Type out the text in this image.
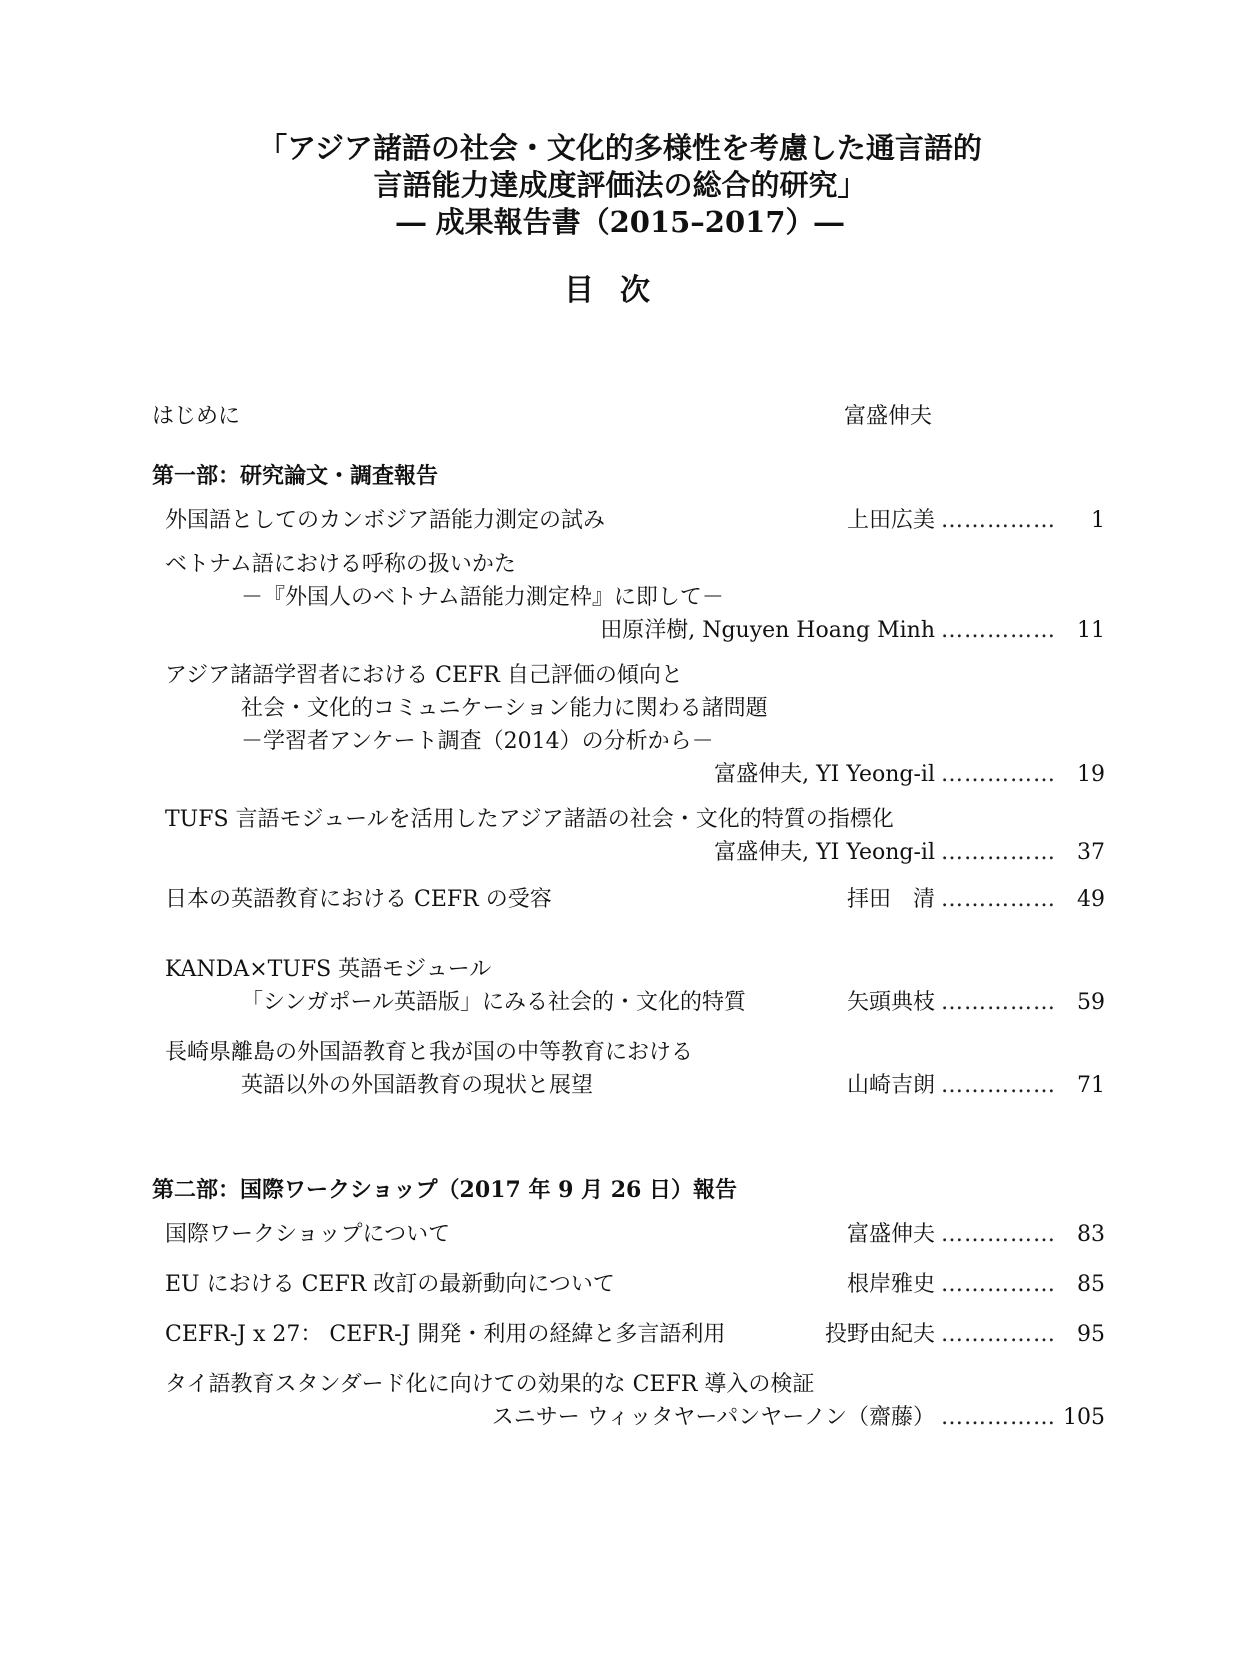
「アジア諸語の社会・文化的多様性を考慮した通言語的
言語能力達成度評価法の総合的研究」
― 成果報告書（2015–2017）―
目次
はじめに	富盛伸夫
第一部：研究論文・調査報告
外国語としてのカンボジア語能力測定の試み	上田広美 ……………	1
ベトナム語における呼称の扱いかた
－『外国人のベトナム語能力測定枠』に即して－
田原洋樹, Nguyen Hoang Minh …………… 11
アジア諸語学習者における CEFR 自己評価の傾向と
社会・文化的コミュニケーション能力に関わる諸問題
－学習者アンケート調査（2014）の分析から－
富盛伸夫, YI Yeong-il …………… 19
TUFS 言語モジュールを活用したアジア諸語の社会・文化的特質の指標化
富盛伸夫, YI Yeong-il …………… 37
日本の英語教育における CEFR の受容	拝田　清 …………… 49
KANDA×TUFS 英語モジュール
「シンガポール英語版」にみる社会的・文化的特質	矢頭典枝 …………… 59
長崎県離島の外国語教育と我が国の中等教育における
英語以外の外国語教育の現状と展望	山崎吉朗 …………… 71
第二部：国際ワークショップ（2017 年 9 月 26 日）報告
国際ワークショップについて	富盛伸夫 …………… 83
EU における CEFR 改訂の最新動向について	根岸雅史 …………… 85
CEFR-J x 27： CEFR-J 開発・利用の経緯と多言語利用	投野由紀夫 …………… 95
タイ語教育スタンダード化に向けての効果的な CEFR 導入の検証
スニサー ウィッタヤーパンヤーノン（齋藤） …………… 105
